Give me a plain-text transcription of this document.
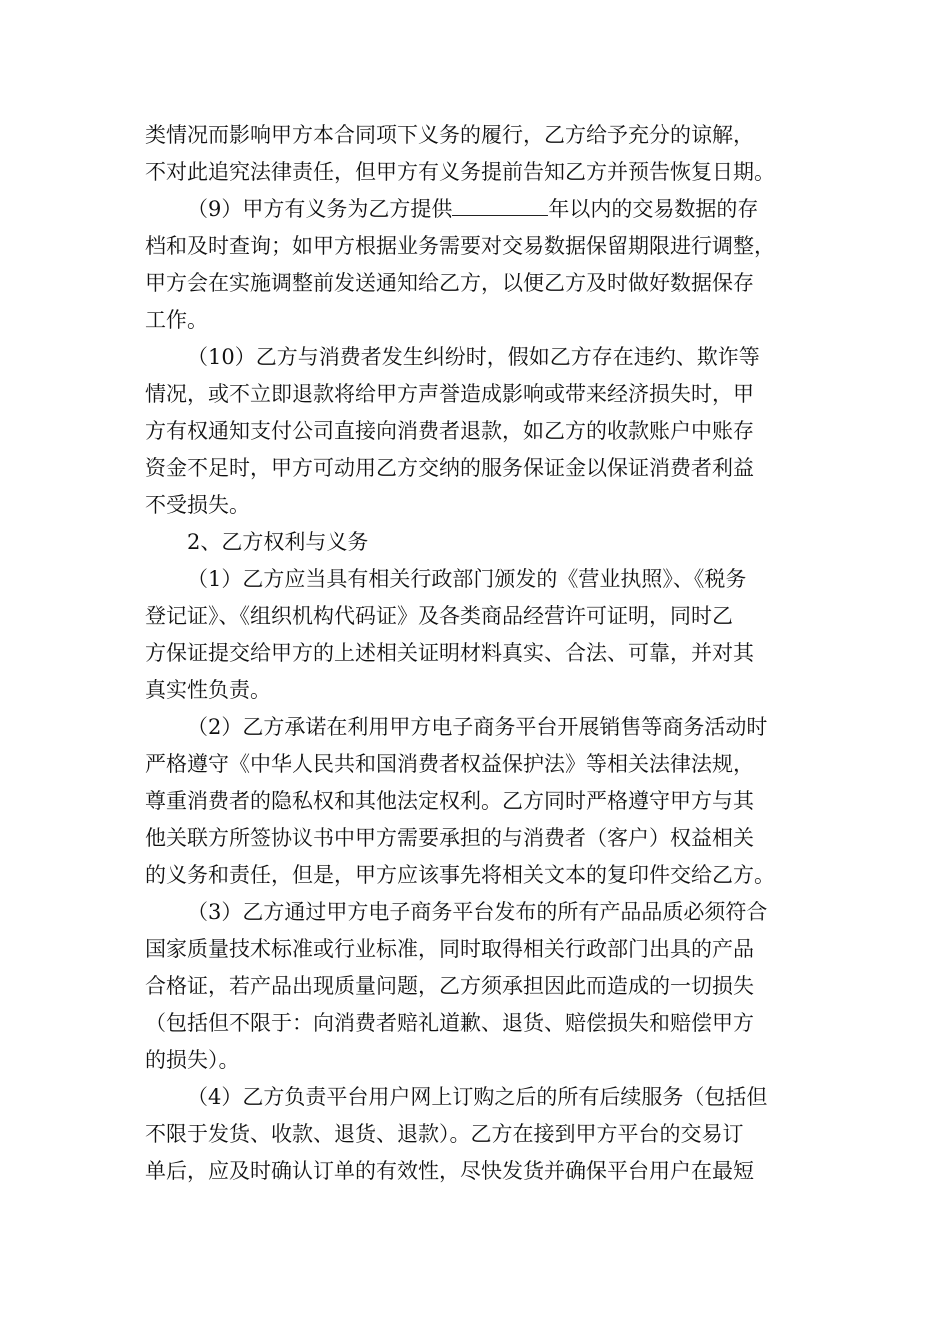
类情况而影响甲方本合同项下义务的履行，乙方给予充分的谅解，
不对此追究法律责任，但甲方有义务提前告知乙方并预告恢复日期。
（9）甲方有义务为乙方提供	年以内的交易数据的存
档和及时查询；如甲方根据业务需要对交易数据保留期限进行调整，
甲方会在实施调整前发送通知给乙方，以便乙方及时做好数据保存
工作。
（10）乙方与消费者发生纠纷时，假如乙方存在违约、欺诈等
情况，或不立即退款将给甲方声誉造成影响或带来经济损失时，甲
方有权通知支付公司直接向消费者退款，如乙方的收款账户中账存
资金不足时，甲方可动用乙方交纳的服务保证金以保证消费者利益
不受损失。
2、乙方权利与义务
（1）乙方应当具有相关行政部门颁发的《营业执照》、《税务
登记证》、《组织机构代码证》及各类商品经营许可证明，同时乙
方保证提交给甲方的上述相关证明材料真实、合法、可靠，并对其
真实性负责。
（2）乙方承诺在利用甲方电子商务平台开展销售等商务活动时
严格遵守《中华人民共和国消费者权益保护法》等相关法律法规，
尊重消费者的隐私权和其他法定权利。乙方同时严格遵守甲方与其
他关联方所签协议书中甲方需要承担的与消费者（客户）权益相关
的义务和责任，但是，甲方应该事先将相关文本的复印件交给乙方。
（3）乙方通过甲方电子商务平台发布的所有产品品质必须符合
国家质量技术标准或行业标准，同时取得相关行政部门出具的产品
合格证，若产品出现质量问题，乙方须承担因此而造成的一切损失
（包括但不限于：向消费者赔礼道歉、退货、赔偿损失和赔偿甲方
的损失）。
（4）乙方负责平台用户网上订购之后的所有后续服务（包括但
不限于发货、收款、退货、退款）。乙方在接到甲方平台的交易订
单后，应及时确认订单的有效性，尽快发货并确保平台用户在最短
